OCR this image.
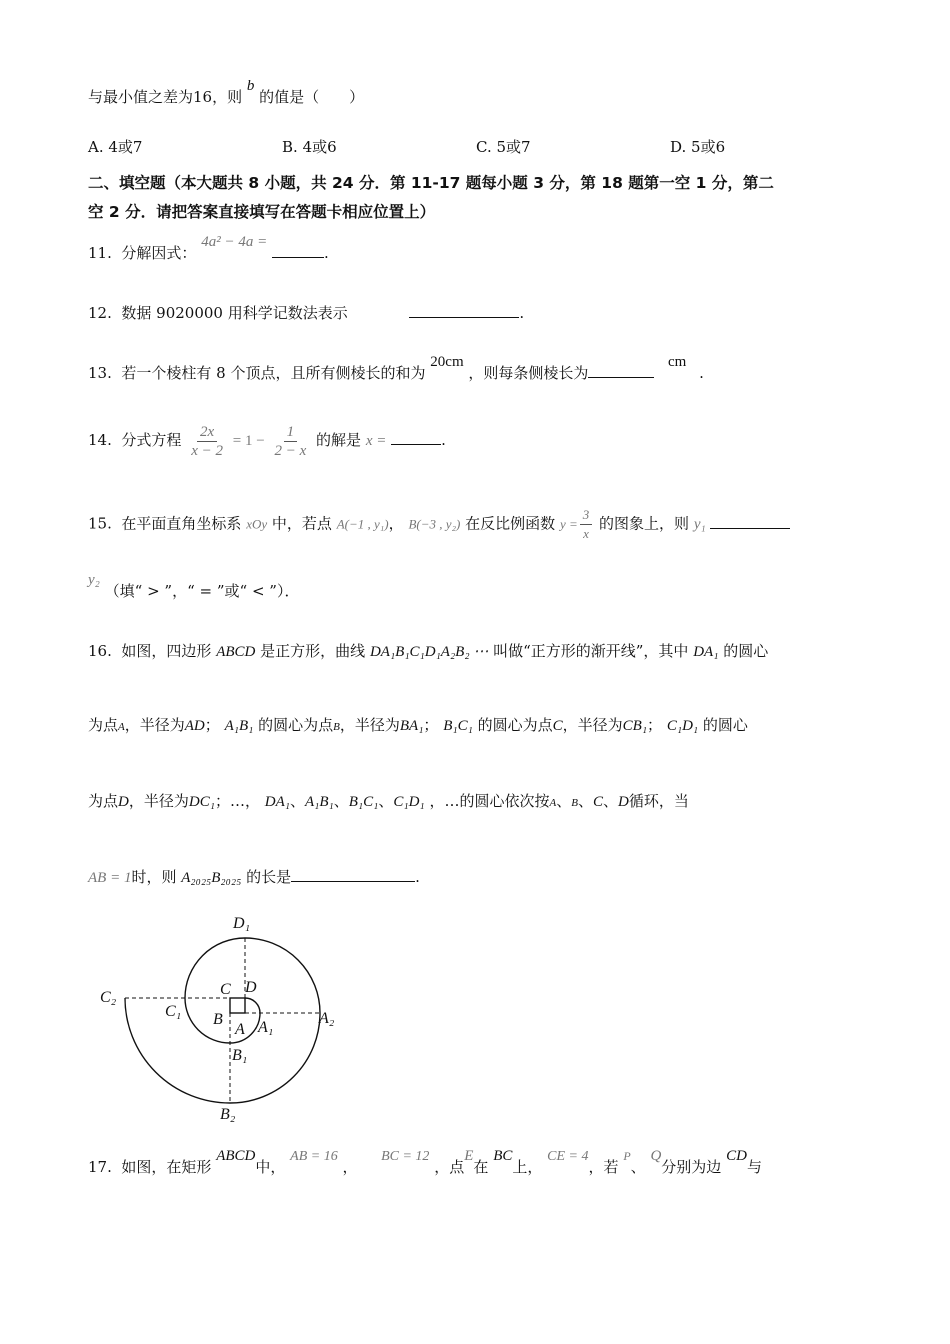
与最小值之差为16，则 b 的值是（　　）
A. 4或7	B. 4或6	C. 5或7	D. 5或6
二、填空题（本大题共 8 小题，共 24 分．第 11-17 题每小题 3 分，第 18 题第一空 1 分，第二
空 2 分．请把答案直接填写在答题卡相应位置上）
11. 分解因式： 4a² − 4a = .
12. 数据 9020000 用科学记数法表示	.
13. 若一个棱柱有 8 个顶点，且所有侧棱长的和为 20cm ，则每条侧棱长为  cm .
14. 分式方程 $\frac{2x}{x - 2} = 1 - \frac{1}{2 - x}$ 的解是 x =	.
15. 在平面直角坐标系 xOy 中，若点 A(−1 , y₁)， B(−3 , y₂) 在反比例函数 $y = \frac{3}{x}$ 的图象上，则 y₁
y₂ （填“ > ”，“ = ”或“ < ”）．
16. 如图，四边形 ABCD 是正方形，曲线 DA₁B₁C₁D₁A₂B₂ ⋯ 叫做“正方形的渐开线”，其中 DA₁ 的圆心
为点A，半径为AD； A₁B₁ 的圆心为点B，半径为BA₁； B₁C₁ 的圆心为点C，半径为CB₁； C₁D₁ 的圆心
为点D，半径为DC₁；…， DA₁、A₁B₁、B₁C₁、C₁D₁ ，…的圆心依次按A、B、C、D循环，当
AB = 1时，则 A₂₀₂₅B₂₀₂₅ 的长是	.
D₁
C D
C₂
C₁ B
A A₁
A₂
B₁
B₂
17. 如图，在矩形 ABCD中， AB = 16 ，  BC = 12 ，点E在 BC上， CE = 4，若 $^P$、 Q分别为边 CD与
